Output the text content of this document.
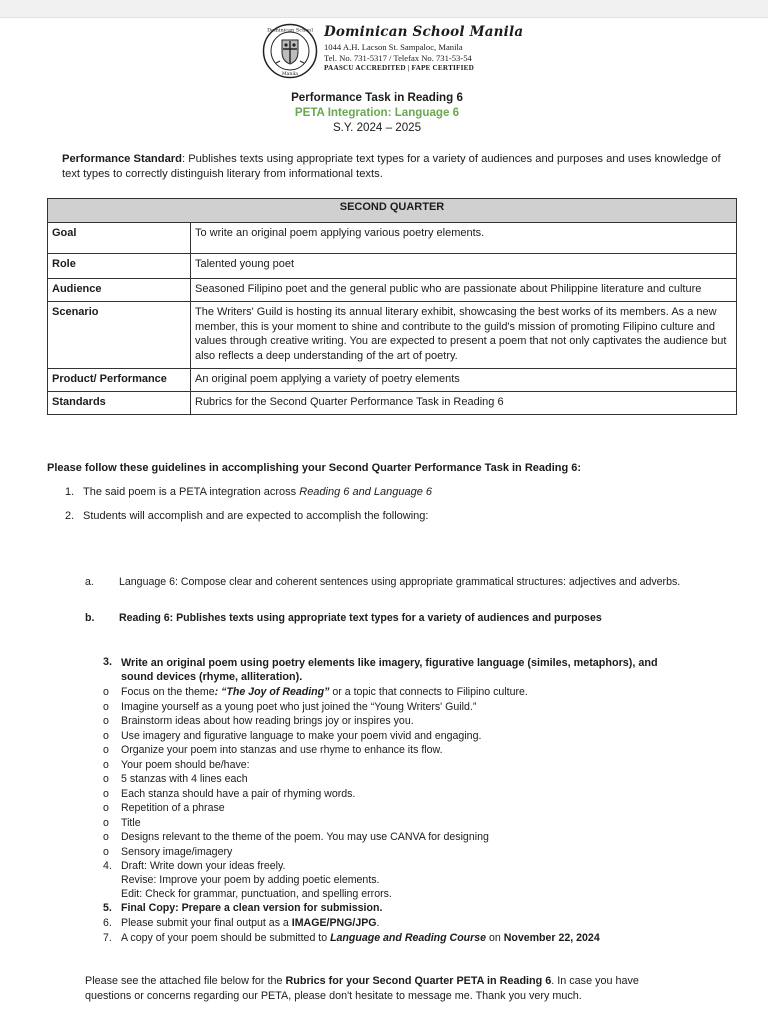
Dominican School
Manila
Dominican School Manila
1044 A.H. Lacson St. Sampaloc, Manila
Tel. No. 731-5317 / Telefax No. 731-53-54
PAASCU ACCREDITED | FAPE CERTIFIED
Performance Task in Reading 6
PETA Integration: Language 6
S.Y. 2024 – 2025
Performance Standard: Publishes texts using appropriate text types for a variety of audiences and purposes and uses knowledge of text types to correctly distinguish literary from informational texts.
SECOND QUARTER	
Goal	To write an original poem applying various poetry elements.
Role	Talented young poet
Audience	Seasoned Filipino poet and the general public who are passionate about Philippine literature and culture
Scenario	The Writers' Guild is hosting its annual literary exhibit, showcasing the best works of its members. As a new member, this is your moment to shine and contribute to the guild's mission of promoting Filipino culture and values through creative writing. You are expected to present a poem that not only captivates the audience but also reflects a deep understanding of the art of poetry.
Product/ Performance	An original poem applying a variety of poetry elements
Standards	Rubrics for the Second Quarter Performance Task in Reading 6
Please follow these guidelines in accomplishing your Second Quarter Performance Task in Reading 6:
1. The said poem is a PETA integration across Reading 6 and Language 6
2. Students will accomplish and are expected to accomplish the following:
a. Language 6: Compose clear and coherent sentences using appropriate grammatical structures: adjectives and adverbs.
b. Reading 6: Publishes texts using appropriate text types for a variety of audiences and purposes
3. Write an original poem using poetry elements like imagery, figurative language (similes, metaphors), and sound devices (rhyme, alliteration).
o Focus on the theme: “The Joy of Reading” or a topic that connects to Filipino culture.
o Imagine yourself as a young poet who just joined the “Young Writers' Guild.”
o Brainstorm ideas about how reading brings joy or inspires you.
o Use imagery and figurative language to make your poem vivid and engaging.
o Organize your poem into stanzas and use rhyme to enhance its flow.
o Your poem should be/have:
o 5 stanzas with 4 lines each
o Each stanza should have a pair of rhyming words.
o Repetition of a phrase
o Title
o Designs relevant to the theme of the poem. You may use CANVA for designing
o Sensory image/imagery
4. Draft: Write down your ideas freely.
Revise: Improve your poem by adding poetic elements.
Edit: Check for grammar, punctuation, and spelling errors.
5. Final Copy: Prepare a clean version for submission.
6. Please submit your final output as a IMAGE/PNG/JPG.
7. A copy of your poem should be submitted to Language and Reading Course on November 22, 2024
Please see the attached file below for the Rubrics for your Second Quarter PETA in Reading 6. In case you have questions or concerns regarding our PETA, please don't hesitate to message me. Thank you very much.
